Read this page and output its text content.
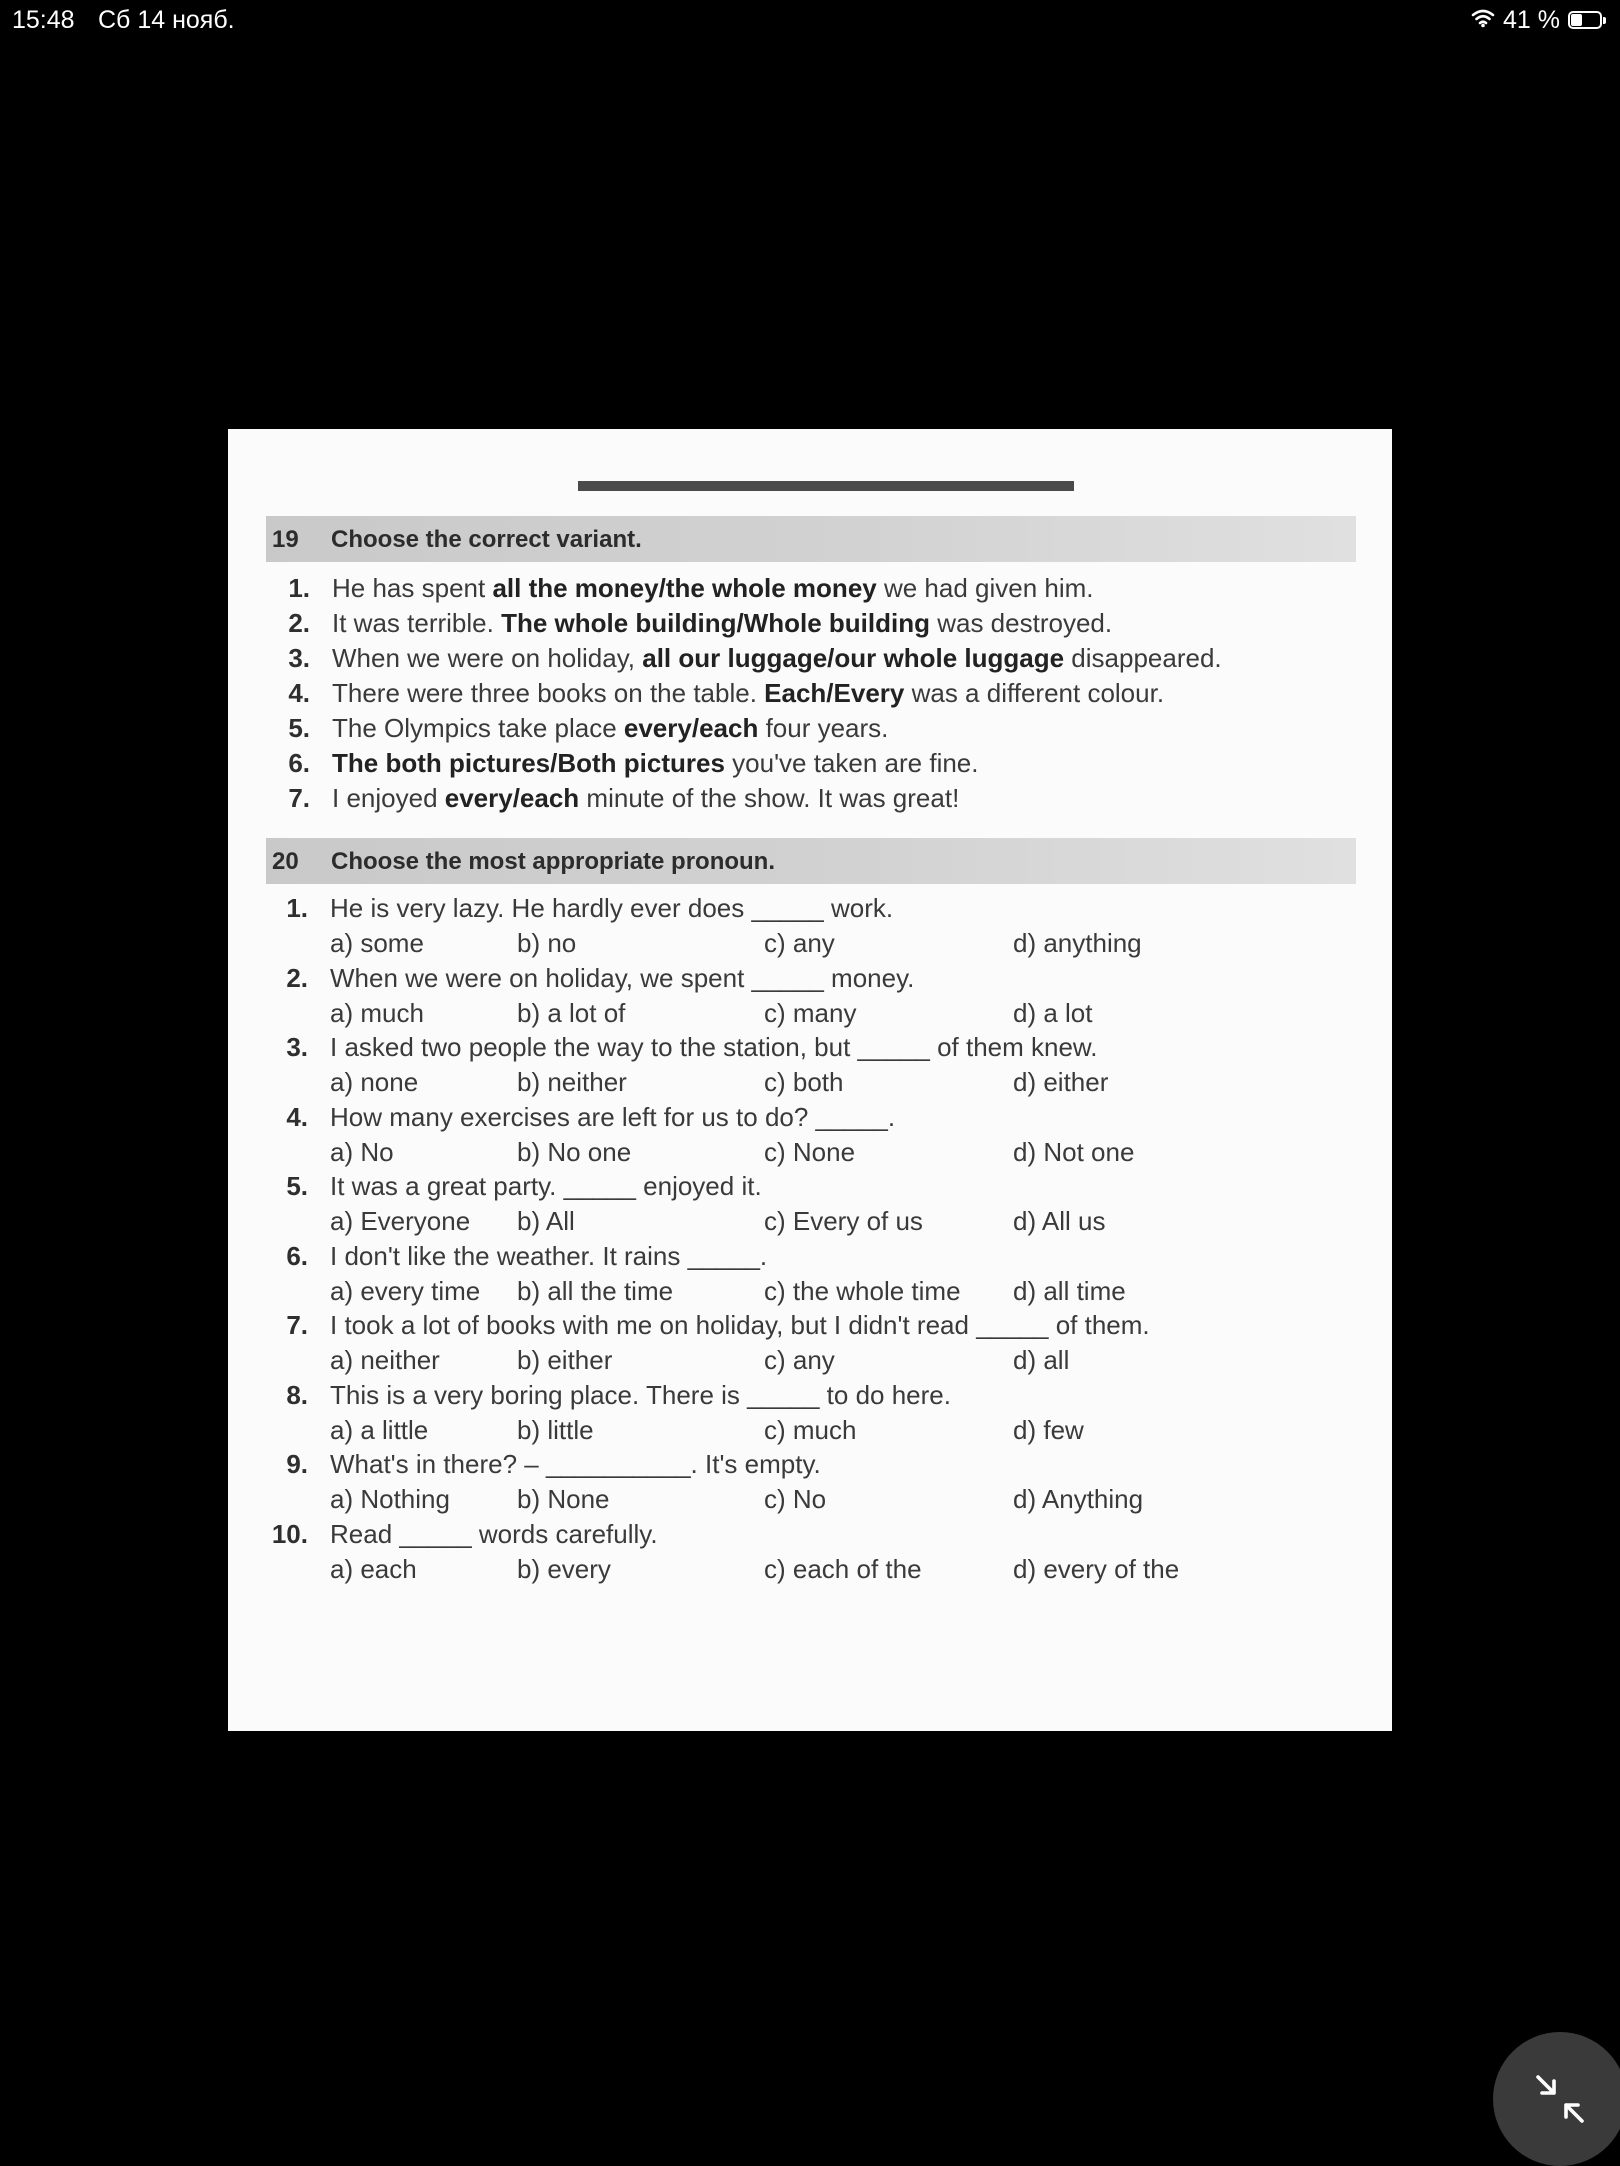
15:48 Сб 14 нояб.	41 %
19 Choose the correct variant.
1. He has spent all the money/the whole money we had given him.
2. It was terrible. The whole building/Whole building was destroyed.
3. When we were on holiday, all our luggage/our whole luggage disappeared.
4. There were three books on the table. Each/Every was a different colour.
5. The Olympics take place every/each four years.
6. The both pictures/Both pictures you've taken are fine.
7. I enjoyed every/each minute of the show. It was great!
20 Choose the most appropriate pronoun.
1. He is very lazy. He hardly ever does _____ work.
a) some	b) no	c) any	d) anything
2. When we were on holiday, we spent _____ money.
a) much	b) a lot of	c) many	d) a lot
3. I asked two people the way to the station, but _____ of them knew.
a) none	b) neither	c) both	d) either
4. How many exercises are left for us to do? _____.
a) No	b) No one	c) None	d) Not one
5. It was a great party. _____ enjoyed it.
a) Everyone b) All	c) Every of us	d) All us
6. I don't like the weather. It rains _____.
a) every time b) all the time	c) the whole time d) all time
7. I took a lot of books with me on holiday, but I didn't read _____ of them.
a) neither	b) either	c) any	d) all
8. This is a very boring place. There is _____ to do here.
a) a little	b) little	c) much	d) few
9. What's in there? – __________. It's empty.
a) Nothing	b) None	c) No	d) Anything
10. Read _____ words carefully.
a) each	b) every	c) each of the	d) every of the
